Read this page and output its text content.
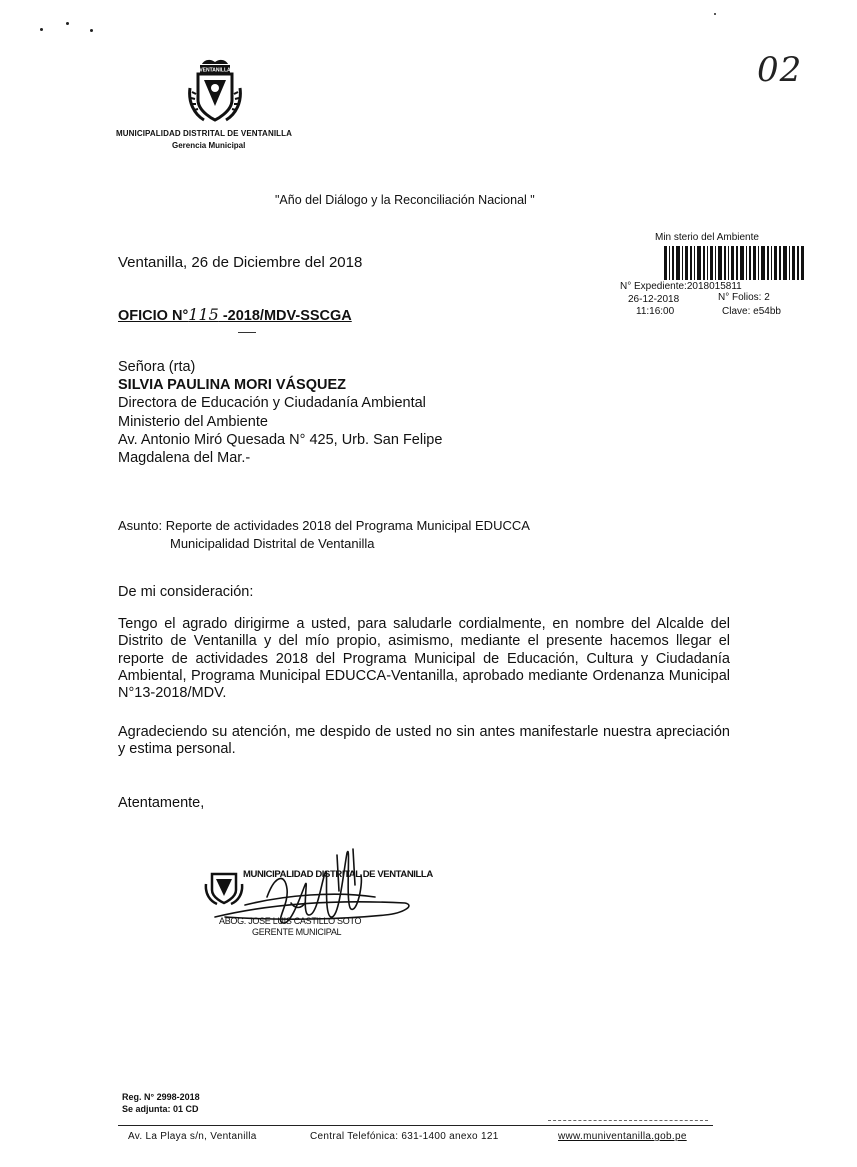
VENTANILLA
MUNICIPALIDAD DISTRITAL DE VENTANILLA
Gerencia Municipal
02
"Año del Diálogo y la Reconciliación Nacional "
Min sterio del Ambiente
N° Expediente:2018015811
26-12-2018	N° Folios: 2
11:16:00	Clave: e54bb
Ventanilla, 26 de Diciembre del 2018
OFICIO N°115 -2018/MDV-SSCGA
Señora (rta)
SILVIA PAULINA MORI VÁSQUEZ
Directora de Educación y Ciudadanía Ambiental
Ministerio del Ambiente
Av. Antonio Miró Quesada N° 425, Urb. San Felipe
Magdalena del Mar.-
Asunto: Reporte de actividades 2018 del Programa Municipal EDUCCA
Municipalidad Distrital de Ventanilla
De mi consideración:
Tengo el agrado dirigirme a usted, para saludarle cordialmente, en nombre del Alcalde del Distrito de Ventanilla y del mío propio, asimismo, mediante el presente hacemos llegar el reporte de actividades 2018 del Programa Municipal de Educación, Cultura y Ciudadanía Ambiental, Programa Municipal EDUCCA-Ventanilla, aprobado mediante Ordenanza Municipal N°13-2018/MDV.
Agradeciendo su atención, me despido de usted no sin antes manifestarle nuestra apreciación y estima personal.
Atentamente,
MUNICIPALIDAD DISTRITAL DE VENTANILLA
ABOG. JOSE LUIS CASTILLO SOTO
GERENTE MUNICIPAL
Reg. N° 2998-2018
Se adjunta: 01 CD
Av. La Playa s/n, Ventanilla	Central Telefónica: 631-1400 anexo 121	www.muniventanilla.gob.pe
